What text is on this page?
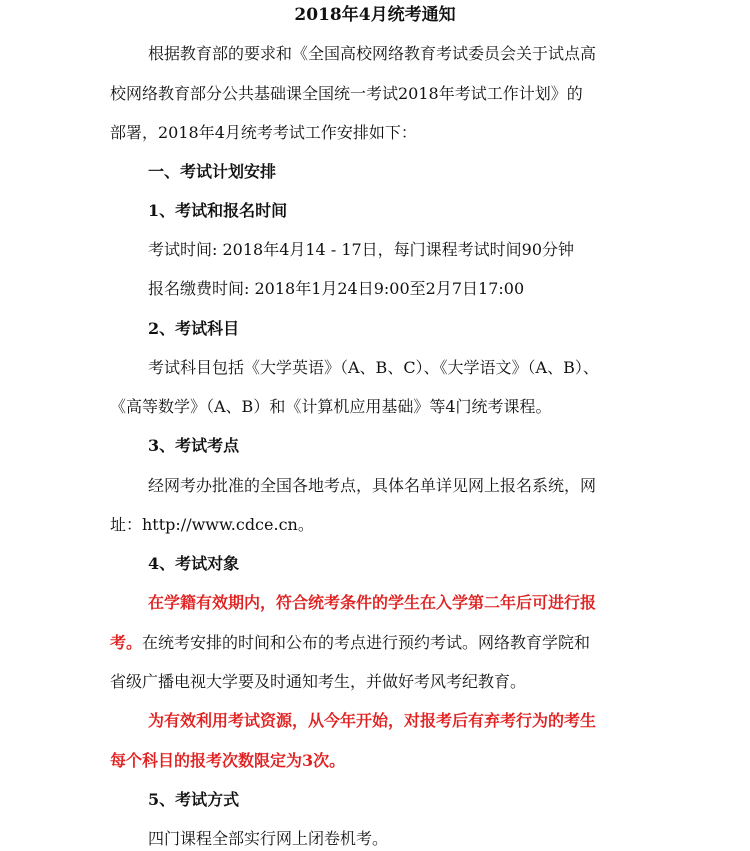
2018年4月统考通知
根据教育部的要求和《全国高校网络教育考试委员会关于试点高
校网络教育部分公共基础课全国统一考试2018年考试工作计划》的
部署，2018年4月统考考试工作安排如下：
一、考试计划安排
1、考试和报名时间
考试时间: 2018年4月14 - 17日，每门课程考试时间90分钟
报名缴费时间: 2018年1月24日9:00至2月7日17:00
2、考试科目
考试科目包括《大学英语》（A、B、C）、《大学语文》（A、B）、
《高等数学》（A、B）和《计算机应用基础》等4门统考课程。
3、考试考点
经网考办批准的全国各地考点，具体名单详见网上报名系统，网
址：http://www.cdce.cn。
4、考试对象
在学籍有效期内，符合统考条件的学生在入学第二年后可进行报
考。在统考安排的时间和公布的考点进行预约考试。网络教育学院和
省级广播电视大学要及时通知考生，并做好考风考纪教育。
为有效利用考试资源，从今年开始，对报考后有弃考行为的考生
每个科目的报考次数限定为3次。
5、考试方式
四门课程全部实行网上闭卷机考。
